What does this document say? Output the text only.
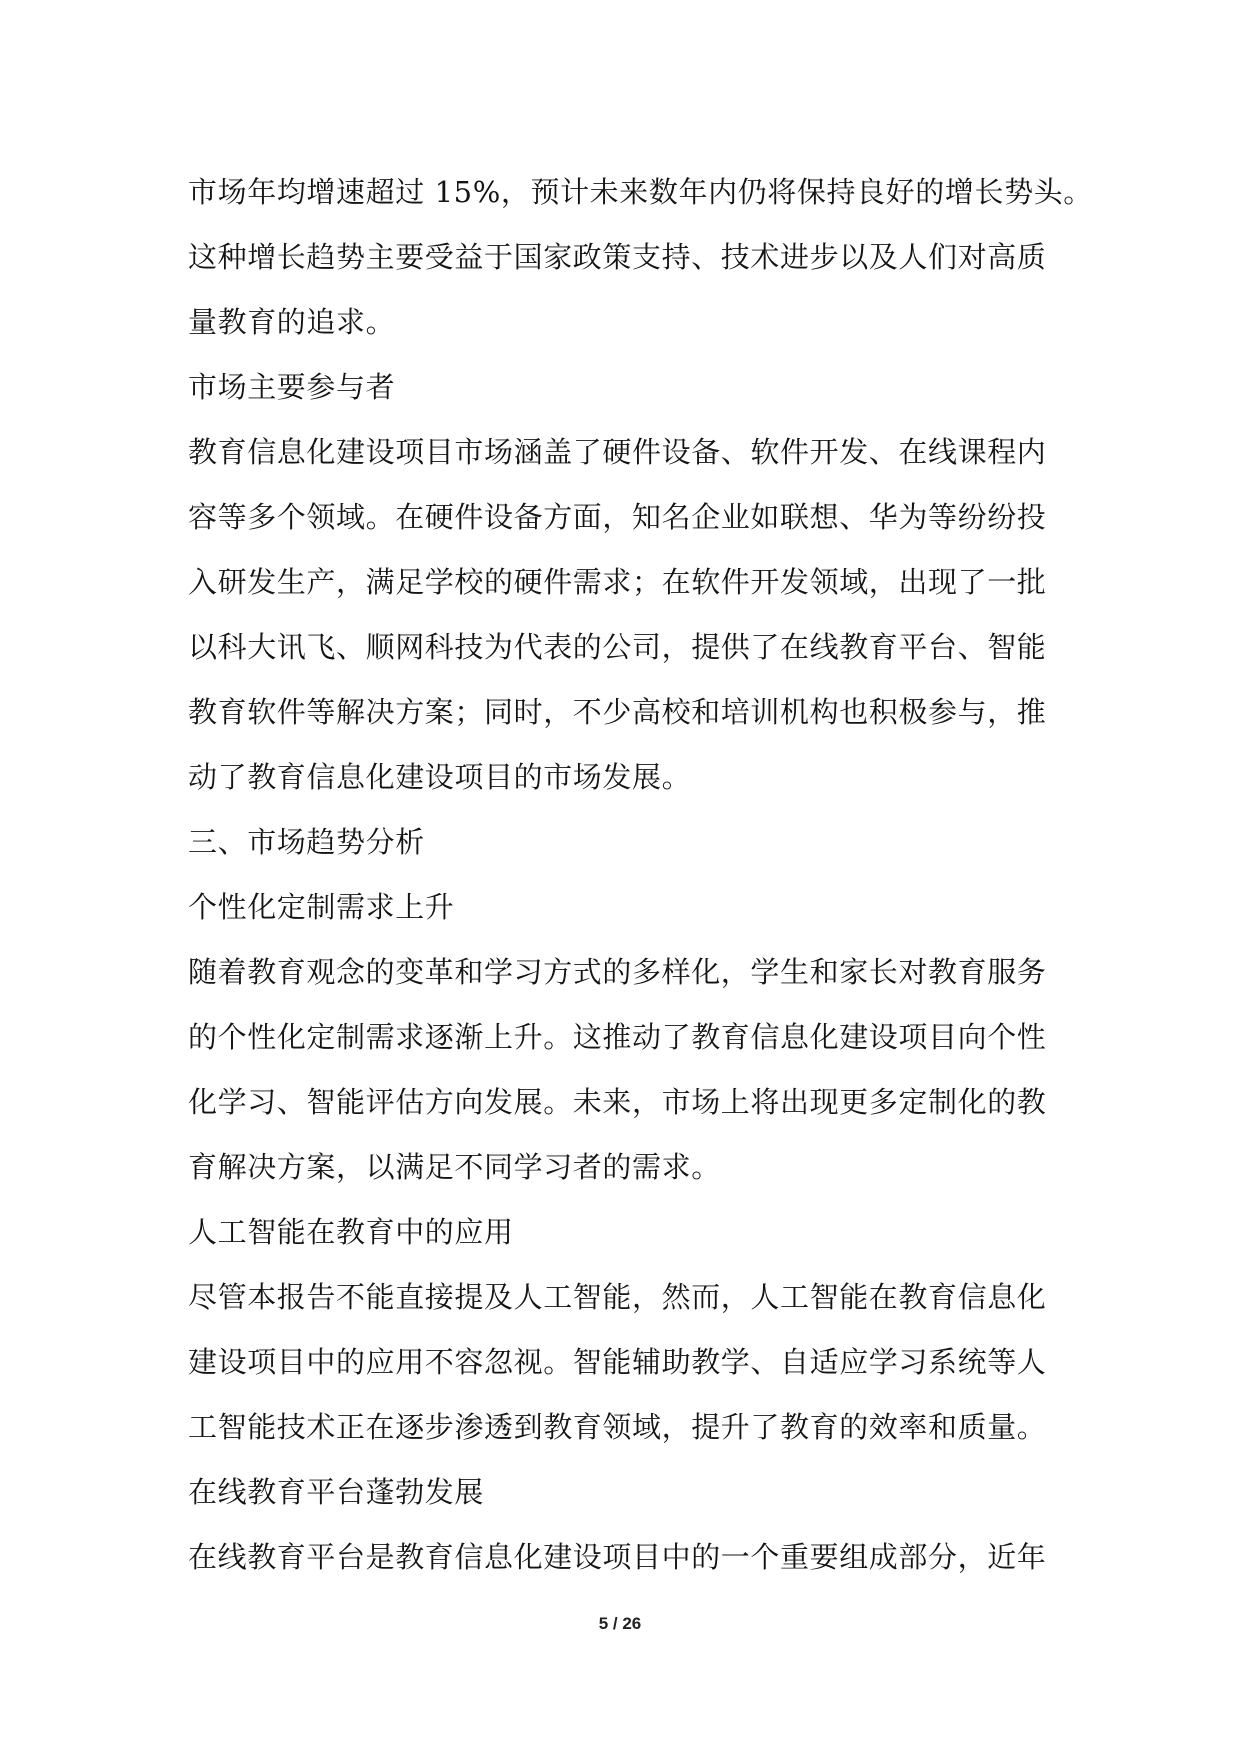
市场年均增速超过 15%，预计未来数年内仍将保持良好的增长势头。
这种增长趋势主要受益于国家政策支持、技术进步以及人们对高质
量教育的追求。
市场主要参与者
教育信息化建设项目市场涵盖了硬件设备、软件开发、在线课程内
容等多个领域。在硬件设备方面，知名企业如联想、华为等纷纷投
入研发生产，满足学校的硬件需求；在软件开发领域，出现了一批
以科大讯飞、顺网科技为代表的公司，提供了在线教育平台、智能
教育软件等解决方案；同时，不少高校和培训机构也积极参与，推
动了教育信息化建设项目的市场发展。
三、市场趋势分析
个性化定制需求上升
随着教育观念的变革和学习方式的多样化，学生和家长对教育服务
的个性化定制需求逐渐上升。这推动了教育信息化建设项目向个性
化学习、智能评估方向发展。未来，市场上将出现更多定制化的教
育解决方案，以满足不同学习者的需求。
人工智能在教育中的应用
尽管本报告不能直接提及人工智能，然而，人工智能在教育信息化
建设项目中的应用不容忽视。智能辅助教学、自适应学习系统等人
工智能技术正在逐步渗透到教育领域，提升了教育的效率和质量。
在线教育平台蓬勃发展
在线教育平台是教育信息化建设项目中的一个重要组成部分，近年
5 / 26
